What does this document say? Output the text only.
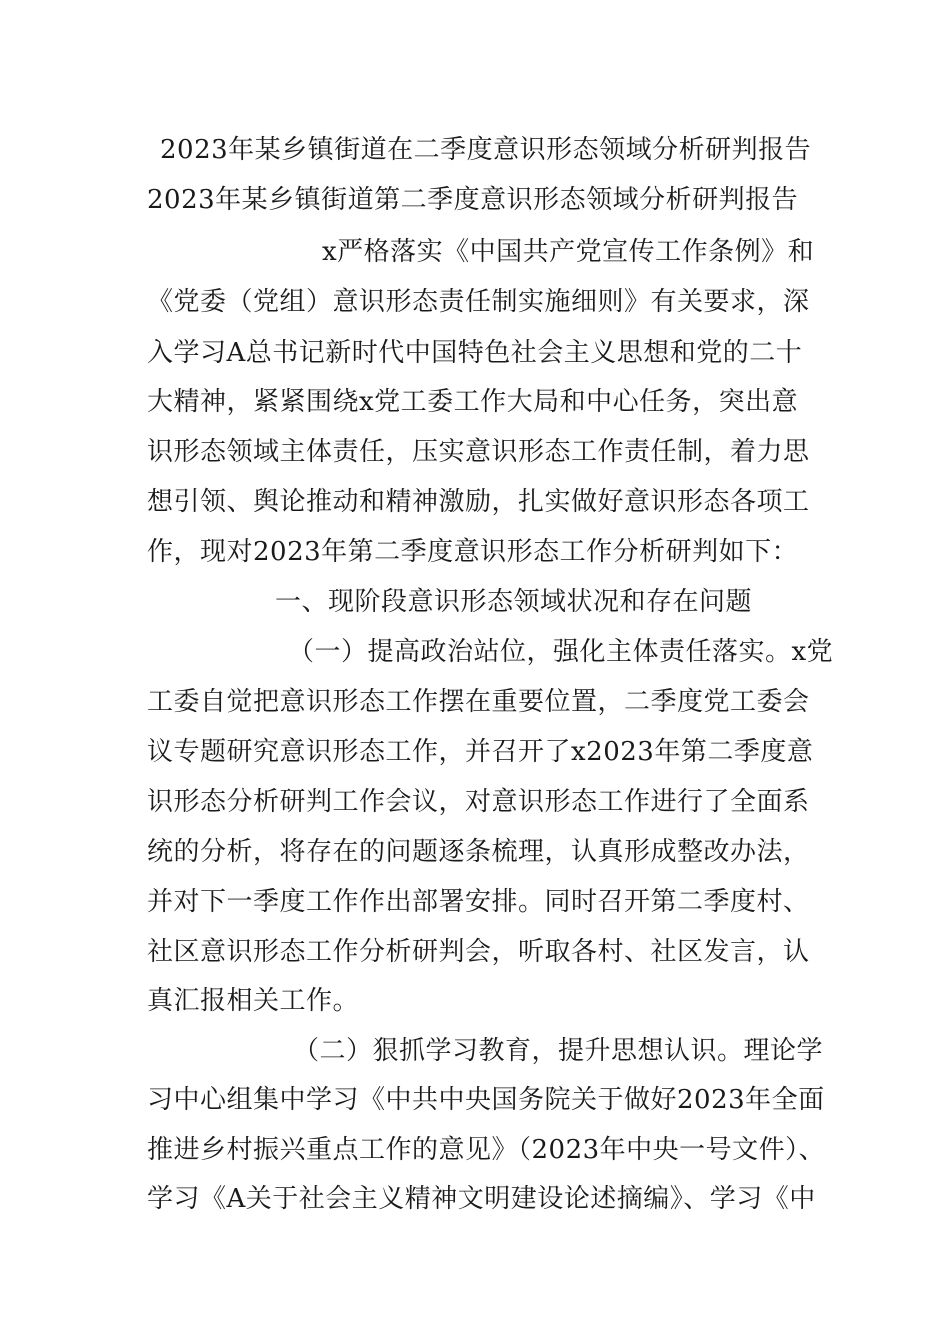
2023年某乡镇街道在二季度意识形态领域分析研判报告
2023年某乡镇街道第二季度意识形态领域分析研判报告
x严格落实《中国共产党宣传工作条例》和
《党委（党组）意识形态责任制实施细则》有关要求，深
入学习A总书记新时代中国特色社会主义思想和党的二十
大精神，紧紧围绕x党工委工作大局和中心任务，突出意
识形态领域主体责任，压实意识形态工作责任制，着力思
想引领、舆论推动和精神激励，扎实做好意识形态各项工
作，现对2023年第二季度意识形态工作分析研判如下：
一、现阶段意识形态领域状况和存在问题
（一）提高政治站位，强化主体责任落实。x党
工委自觉把意识形态工作摆在重要位置，二季度党工委会
议专题研究意识形态工作，并召开了x2023年第二季度意
识形态分析研判工作会议，对意识形态工作进行了全面系
统的分析，将存在的问题逐条梳理，认真形成整改办法，
并对下一季度工作作出部署安排。同时召开第二季度村、
社区意识形态工作分析研判会，听取各村、社区发言，认
真汇报相关工作。
（二）狠抓学习教育，提升思想认识。理论学
习中心组集中学习《中共中央国务院关于做好2023年全面
推进乡村振兴重点工作的意见》（2023年中央一号文件）、
学习《A关于社会主义精神文明建设论述摘编》、学习《中
